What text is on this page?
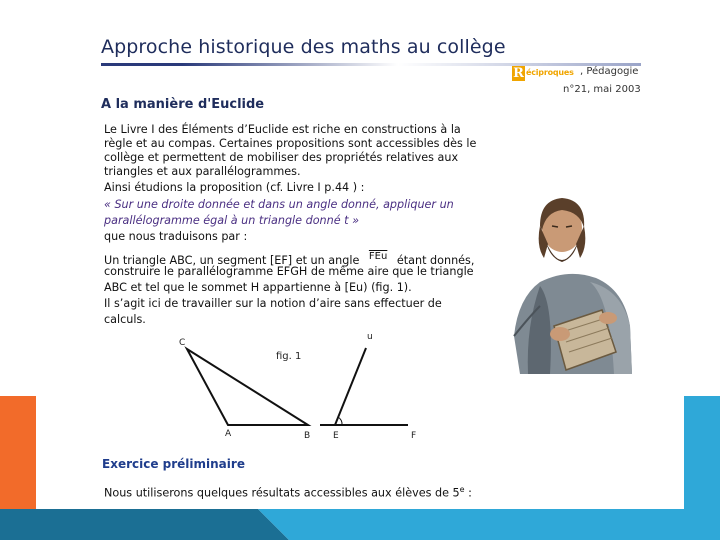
Approche historique des maths au collège
R éciproques , Pédagogie
n°21, mai 2003
A la manière d'Euclide
Le Livre I des Éléments d’Euclide est riche en constructions à la
règle et au compas. Certaines propositions sont accessibles dès le
collège et permettent de mobiliser des propriétés relatives aux
triangles et aux parallélogrammes.
Ainsi étudions la proposition (cf. Livre I p.44 ) :
« Sur une droite donnée et dans un angle donné, appliquer un
parallélogramme égal à un triangle donné t »
que nous traduisons par :
Un triangle ABC, un segment [EF] et un angle $\overline{FEu}$ étant donnés,
construire le parallélogramme EFGH de même aire que le triangle
ABC et tel que le sommet H appartienne à [Eu) (fig. 1).
Il s’agit ici de travailler sur la notion d’aire sans effectuer de
calculs.
fig. 1
C
A	B	E	F
u
Exercice préliminaire
Nous utiliserons quelques résultats accessibles aux élèves de 5e :
